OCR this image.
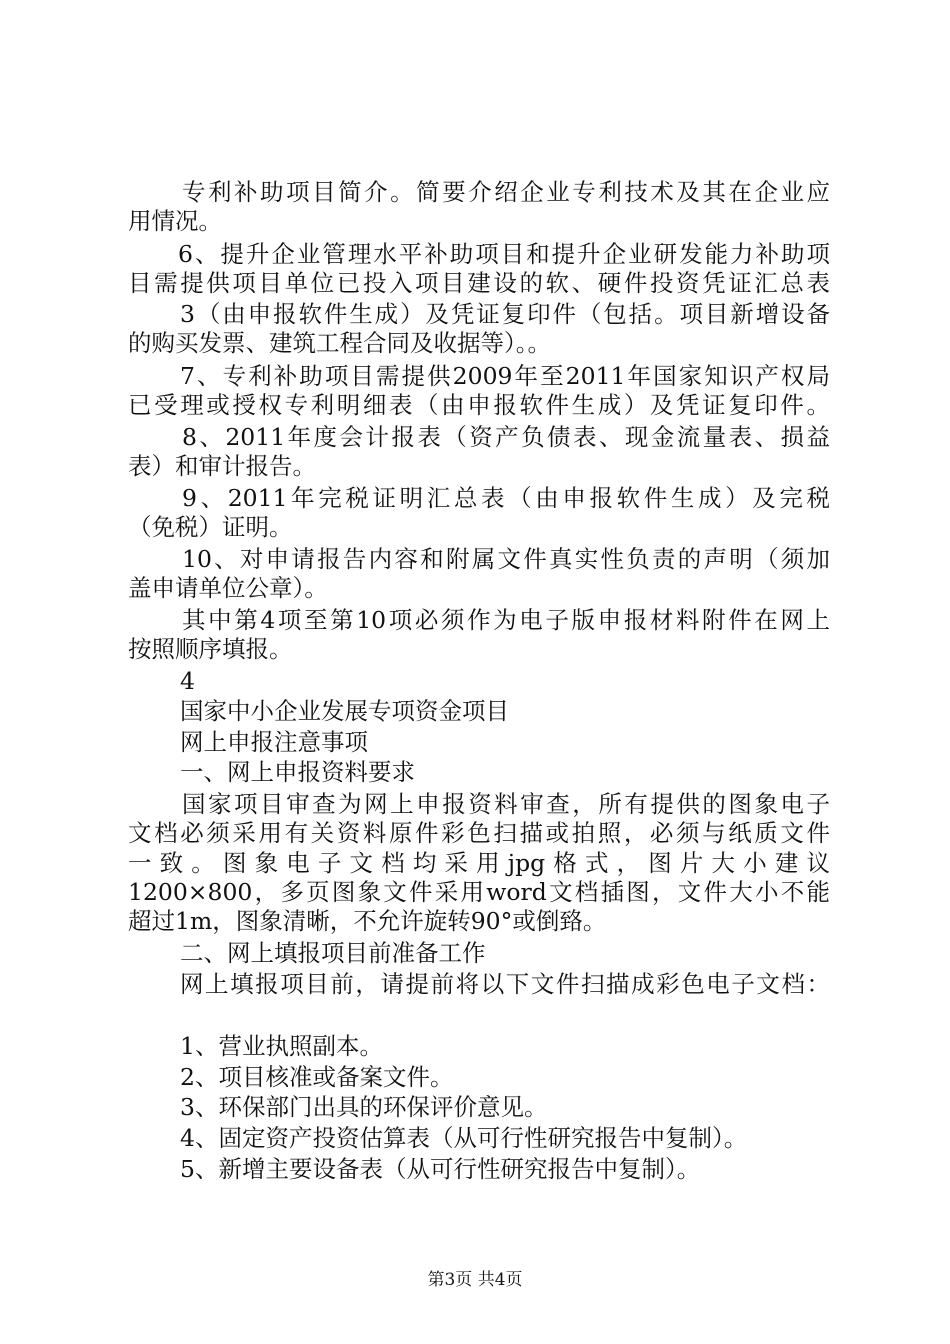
专利补助项目简介。简要介绍企业专利技术及其在企业应
用情况。
6、提升企业管理水平补助项目和提升企业研发能力补助项
目需提供项目单位已投入项目建设的软、硬件投资凭证汇总表
3（由申报软件生成）及凭证复印件（包括。项目新增设备
的购买发票、建筑工程合同及收据等）。。
7、专利补助项目需提供2009年至2011年国家知识产权局
已受理或授权专利明细表（由申报软件生成）及凭证复印件。
8、2011年度会计报表（资产负债表、现金流量表、损益
表）和审计报告。
9、2011年完税证明汇总表（由申报软件生成）及完税
（免税）证明。
10、对申请报告内容和附属文件真实性负责的声明（须加
盖申请单位公章）。
其中第4项至第10项必须作为电子版申报材料附件在网上
按照顺序填报。
4
国家中小企业发展专项资金项目
网上申报注意事项
一、网上申报资料要求
国家项目审查为网上申报资料审查，所有提供的图象电子
文档必须采用有关资料原件彩色扫描或拍照，必须与纸质文件
一致。图象电子文档均采用jpg格式，图片大小建议
1200×800，多页图象文件采用word文档插图，文件大小不能
超过1m，图象清晰，不允许旋转90°或倒臵。
二、网上填报项目前准备工作
网上填报项目前，请提前将以下文件扫描成彩色电子文档：
1、营业执照副本。
2、项目核准或备案文件。
3、环保部门出具的环保评价意见。
4、固定资产投资估算表（从可行性研究报告中复制）。
5、新增主要设备表（从可行性研究报告中复制）。
第3页 共4页
